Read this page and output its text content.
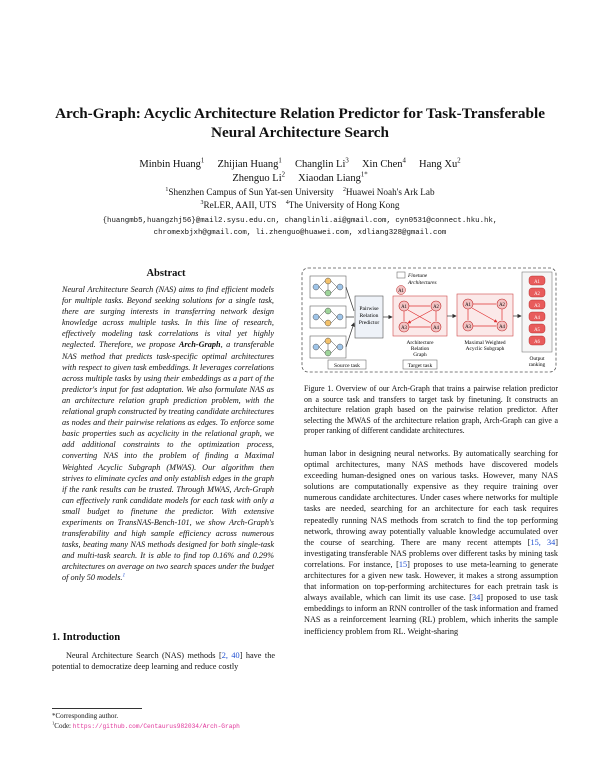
Arch-Graph: Acyclic Architecture Relation Predictor for Task-Transferable Neural Architecture Search
Minbin Huang$^1$ Zhijian Huang$^1$ Changlin Li$^3$ Xin Chen$^4$ Hang Xu$^2$
Zhenguo Li$^2$ Xiaodan Liang$^{1*}$
$^1$Shenzhen Campus of Sun Yat-sen University $^2$Huawei Noah's Ark Lab
$^3$ReLER, AAII, UTS $^4$The University of Hong Kong
{huangmb5,huangzhj56}@mail2.sysu.edu.cn, changlinli.ai@gmail.com, cyn0531@connect.hku.hk,
chromexbjxh@gmail.com, li.zhenguo@huawei.com, xdliang328@gmail.com
Abstract
Neural Architecture Search (NAS) aims to find efficient models for multiple tasks. Beyond seeking solutions for a single task, there are surging interests in transferring network design knowledge across multiple tasks. In this line of research, effectively modeling task correlations is vital yet highly neglected. Therefore, we propose Arch-Graph, a transferable NAS method that predicts task-specific optimal architectures with respect to given task embeddings. It leverages correlations across multiple tasks by using their embeddings as a part of the predictor's input for fast adaptation. We also formulate NAS as an architecture relation graph prediction problem, with the relational graph constructed by treating candidate architectures as nodes and their pairwise relations as edges. To enforce some basic properties such as acyclicity in the relational graph, we add additional constraints to the optimization process, converting NAS into the problem of finding a Maximal Weighted Acyclic Subgraph (MWAS). Our algorithm then strives to eliminate cycles and only establish edges in the graph if the rank results can be trusted. Through MWAS, Arch-Graph can effectively rank candidate models for each task with only a small budget to finetune the predictor. With extensive experiments on TransNAS-Bench-101, we show Arch-Graph's transferability and high sample efficiency across numerous tasks, beating many NAS methods designed for both single-task and multi-task search. It is able to find top 0.16% and 0.29% architectures on average on two search spaces under the budget of only 50 models.$^1$
1. Introduction
Neural Architecture Search (NAS) methods [2, 40] have the potential to democratize deep learning and reduce costly
*Corresponding author.
$^1$Code: https://github.com/Centaurus982034/Arch-Graph
Pairwise
Relation
Predictor
Source task
Finetune
Architectures
A1
A1	A2
A3	A4
Architecture
Relation
Graph
Target task
A1	A2
A3	A4
Maximal Weighted
Acyclic Subgraph
A1
A2
A3
A4
A5
A6
Output
ranking
Figure 1. Overview of our Arch-Graph that trains a pairwise relation predictor on a source task and transfers to target task by finetuning. It constructs an architecture relation graph based on the pairwise relation predictor. After selecting the MWAS of the architecture relation graph, Arch-Graph can give a proper ranking of different candidate architectures.
human labor in designing neural networks. By automatically searching for optimal architectures, many NAS methods have discovered models exceeding human-designed ones on various tasks. However, many NAS solutions are computationally expensive as they require training over numerous candidate architectures. Under cases where networks for multiple tasks are needed, searching for an architecture for each task requires repeatedly running NAS methods from scratch to find the top performing network, throwing away potentially valuable knowledge accumulated over the course of searching. There are many recent attempts [15, 34] investigating transferable NAS problems over different tasks by mining task correlations. For instance, [15] proposes to use meta-learning to generate architectures for a given new task. However, it makes a strong assumption that information on top-performing architectures for each pretrain task is always available, which can limit its use case. [34] proposed to use task embeddings to inform an RNN controller of the task information and framed NAS as a reinforcement learning (RL) problem, which inherits the sample inefficiency problem from RL. Weight-sharing
